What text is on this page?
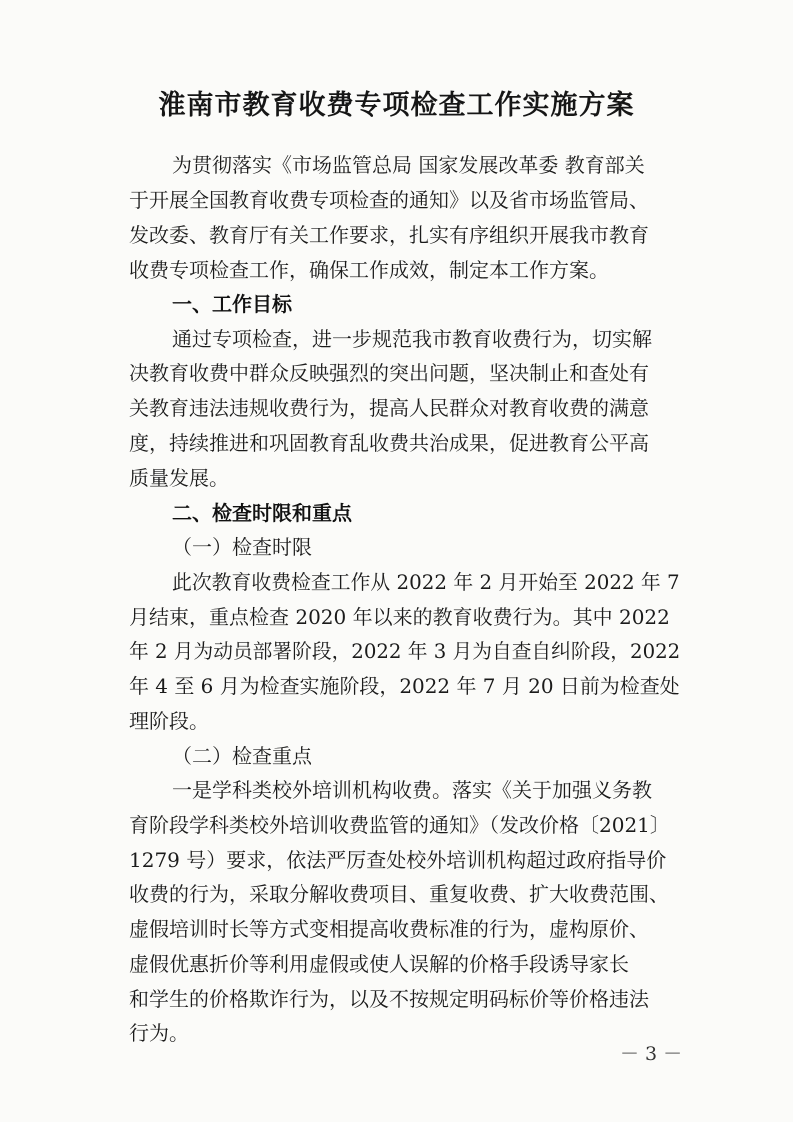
淮南市教育收费专项检查工作实施方案

为贯彻落实《市场监管总局 国家发展改革委 教育部关

于开展全国教育收费专项检查的通知》以及省市场监管局、

发改委、教育厅有关工作要求，扎实有序组织开展我市教育

收费专项检查工作，确保工作成效，制定本工作方案。

一、工作目标

通过专项检查，进一步规范我市教育收费行为，切实解

决教育收费中群众反映强烈的突出问题，坚决制止和查处有

关教育违法违规收费行为，提高人民群众对教育收费的满意

度，持续推进和巩固教育乱收费共治成果，促进教育公平高

质量发展。

二、检查时限和重点

（一）检查时限

此次教育收费检查工作从 2022 年 2 月开始至 2022 年 7

月结束，重点检查 2020 年以来的教育收费行为。其中 2022

年 2 月为动员部署阶段，2022 年 3 月为自查自纠阶段，2022

年 4 至 6 月为检查实施阶段，2022 年 7 月 20 日前为检查处

理阶段。

（二）检查重点

一是学科类校外培训机构收费。落实《关于加强义务教

育阶段学科类校外培训收费监管的通知》（发改价格〔2021〕

1279 号）要求，依法严厉查处校外培训机构超过政府指导价

收费的行为，采取分解收费项目、重复收费、扩大收费范围、

虚假培训时长等方式变相提高收费标准的行为，虚构原价、

虚假优惠折价等利用虚假或使人误解的价格手段诱导家长

和学生的价格欺诈行为，以及不按规定明码标价等价格违法

行为。

－ 3 －
